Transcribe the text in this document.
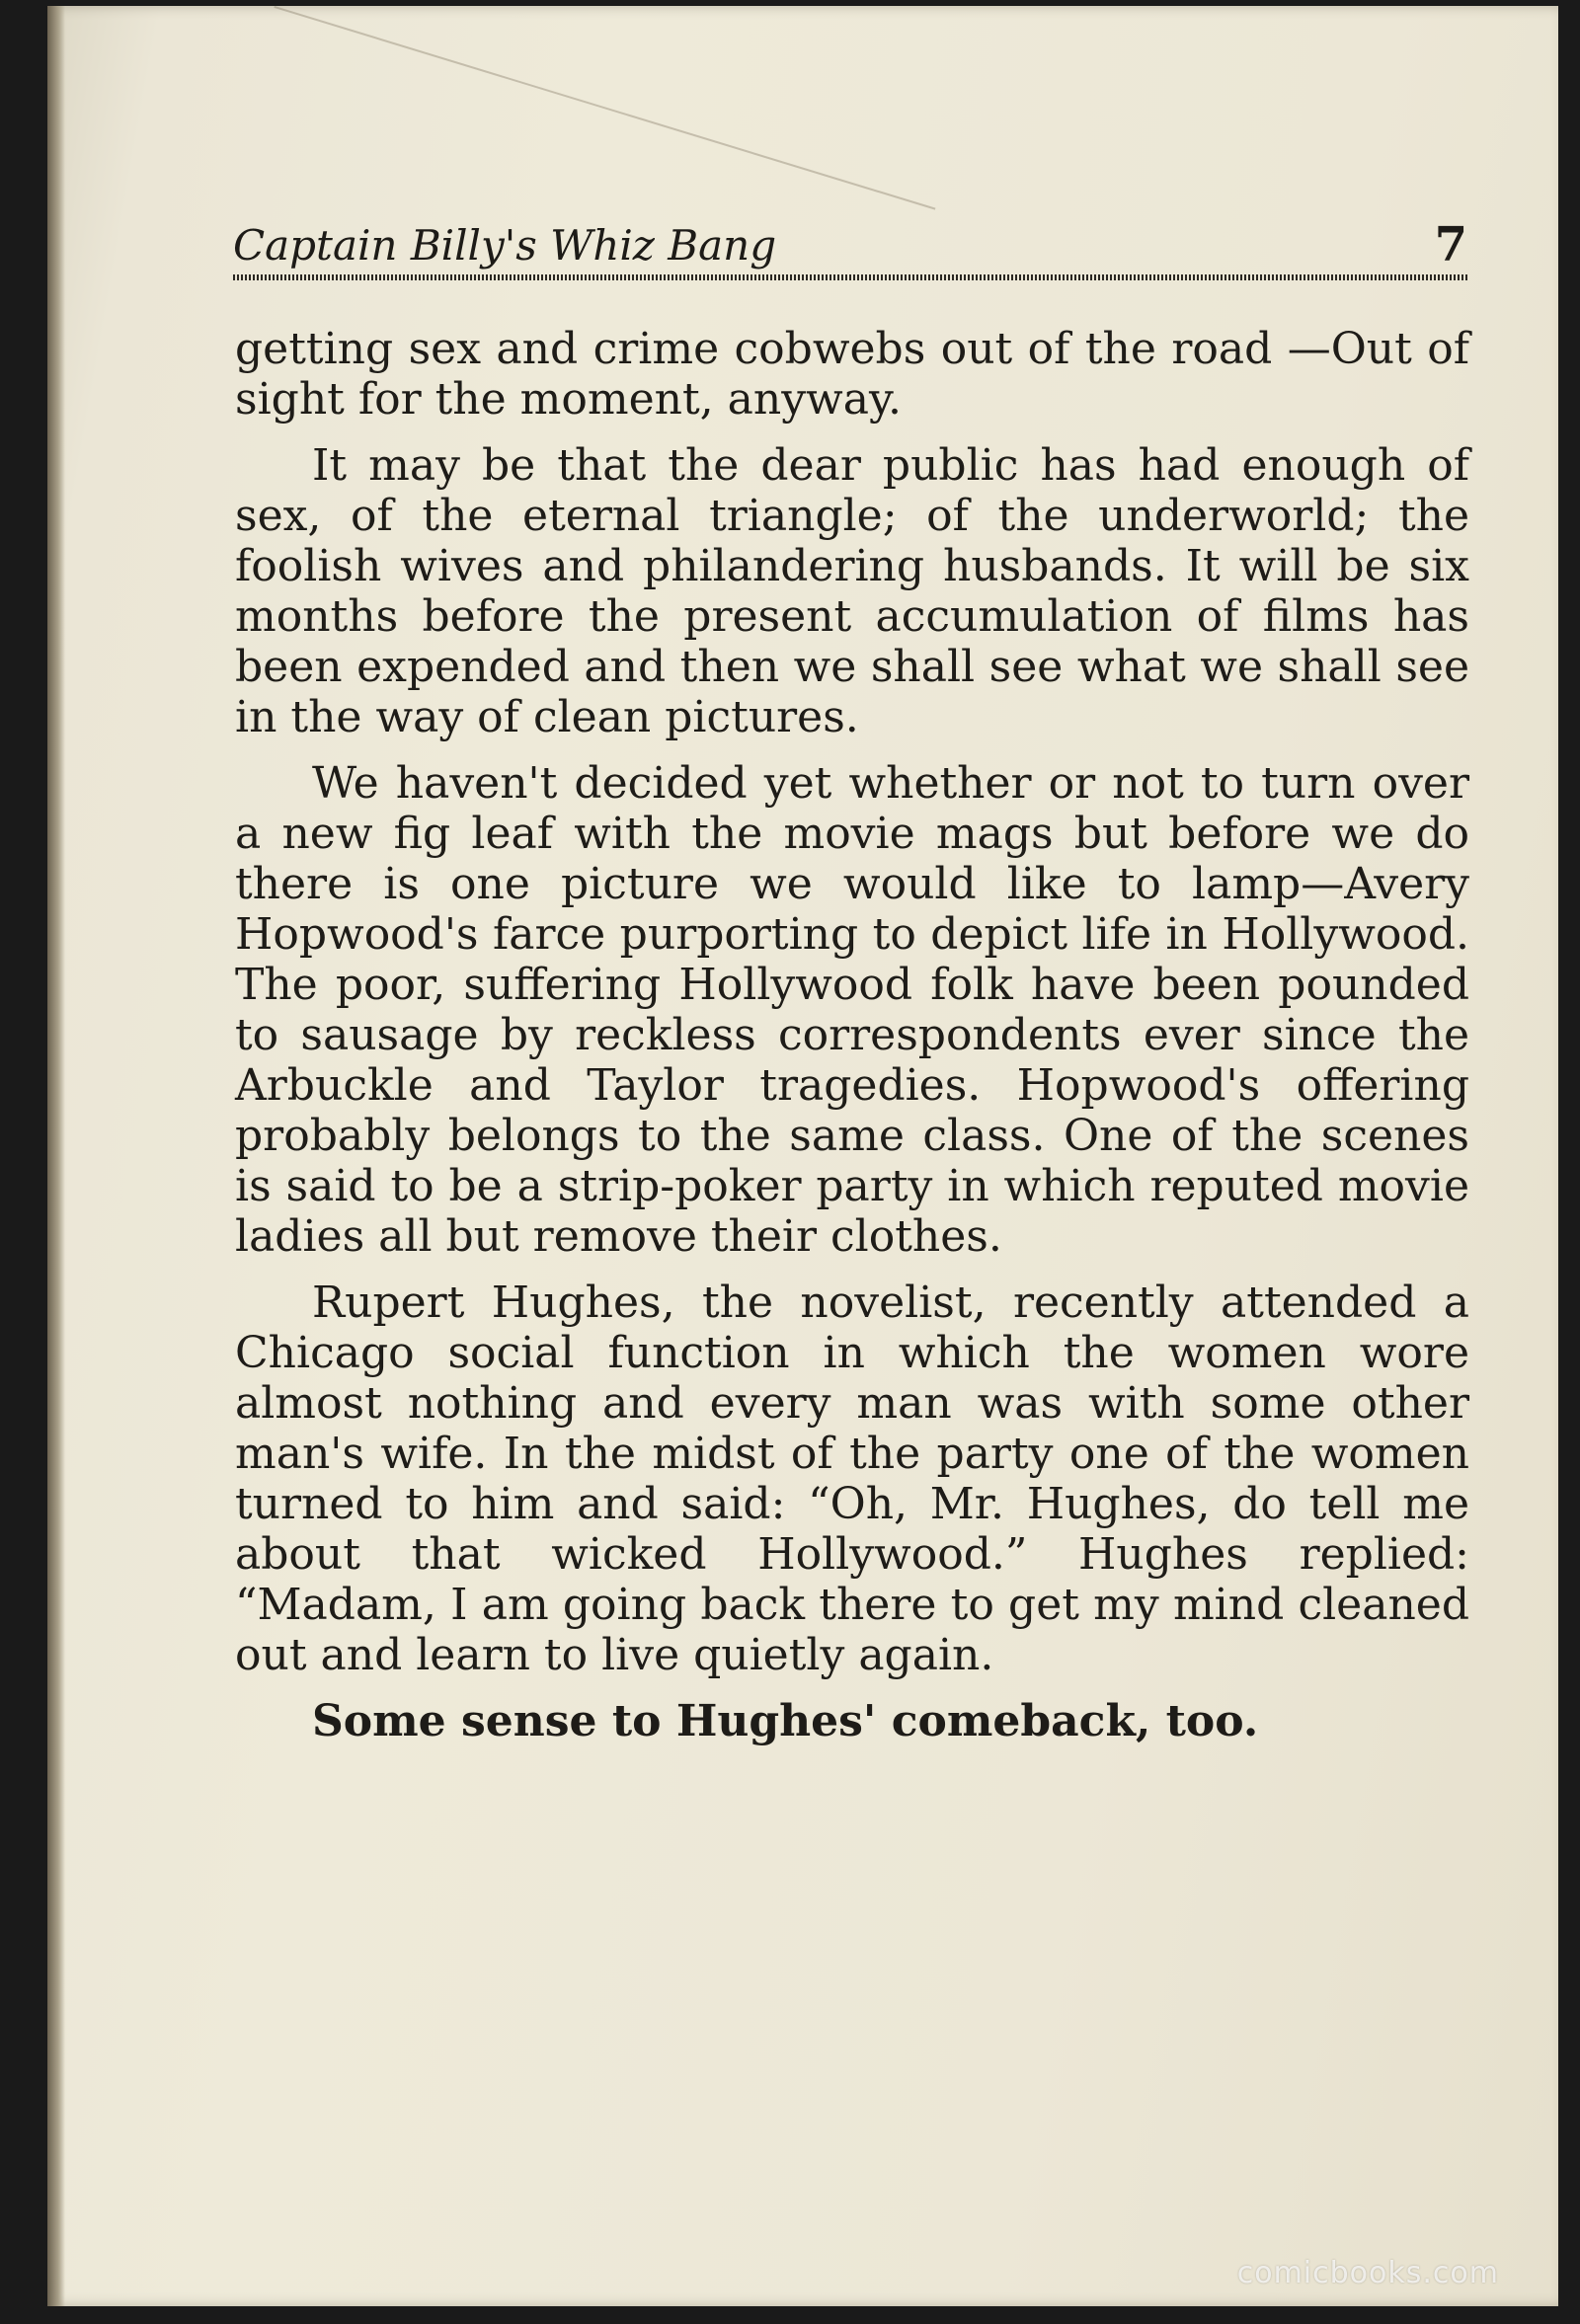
Captain Billy's Whiz Bang	7

getting sex and crime cobwebs out of the road —Out of sight for the moment, anyway.

It may be that the dear public has had enough of sex, of the eternal triangle; of the underworld; the foolish wives and philandering husbands. It will be six months before the present accumulation of films has been expended and then we shall see what we shall see in the way of clean pictures.

We haven't decided yet whether or not to turn over a new fig leaf with the movie mags but before we do there is one picture we would like to lamp—Avery Hopwood's farce purporting to depict life in Hollywood. The poor, suffering Hollywood folk have been pounded to sausage by reckless correspondents ever since the Arbuckle and Taylor tragedies. Hopwood's offering probably belongs to the same class. One of the scenes is said to be a strip-poker party in which reputed movie ladies all but remove their clothes.

Rupert Hughes, the novelist, recently attended a Chicago social function in which the women wore almost nothing and every man was with some other man's wife. In the midst of the party one of the women turned to him and said: “Oh, Mr. Hughes, do tell me about that wicked Hollywood.” Hughes replied: “Madam, I am going back there to get my mind cleaned out and learn to live quietly again.

Some sense to Hughes' comeback, too.

comicbooks.com
